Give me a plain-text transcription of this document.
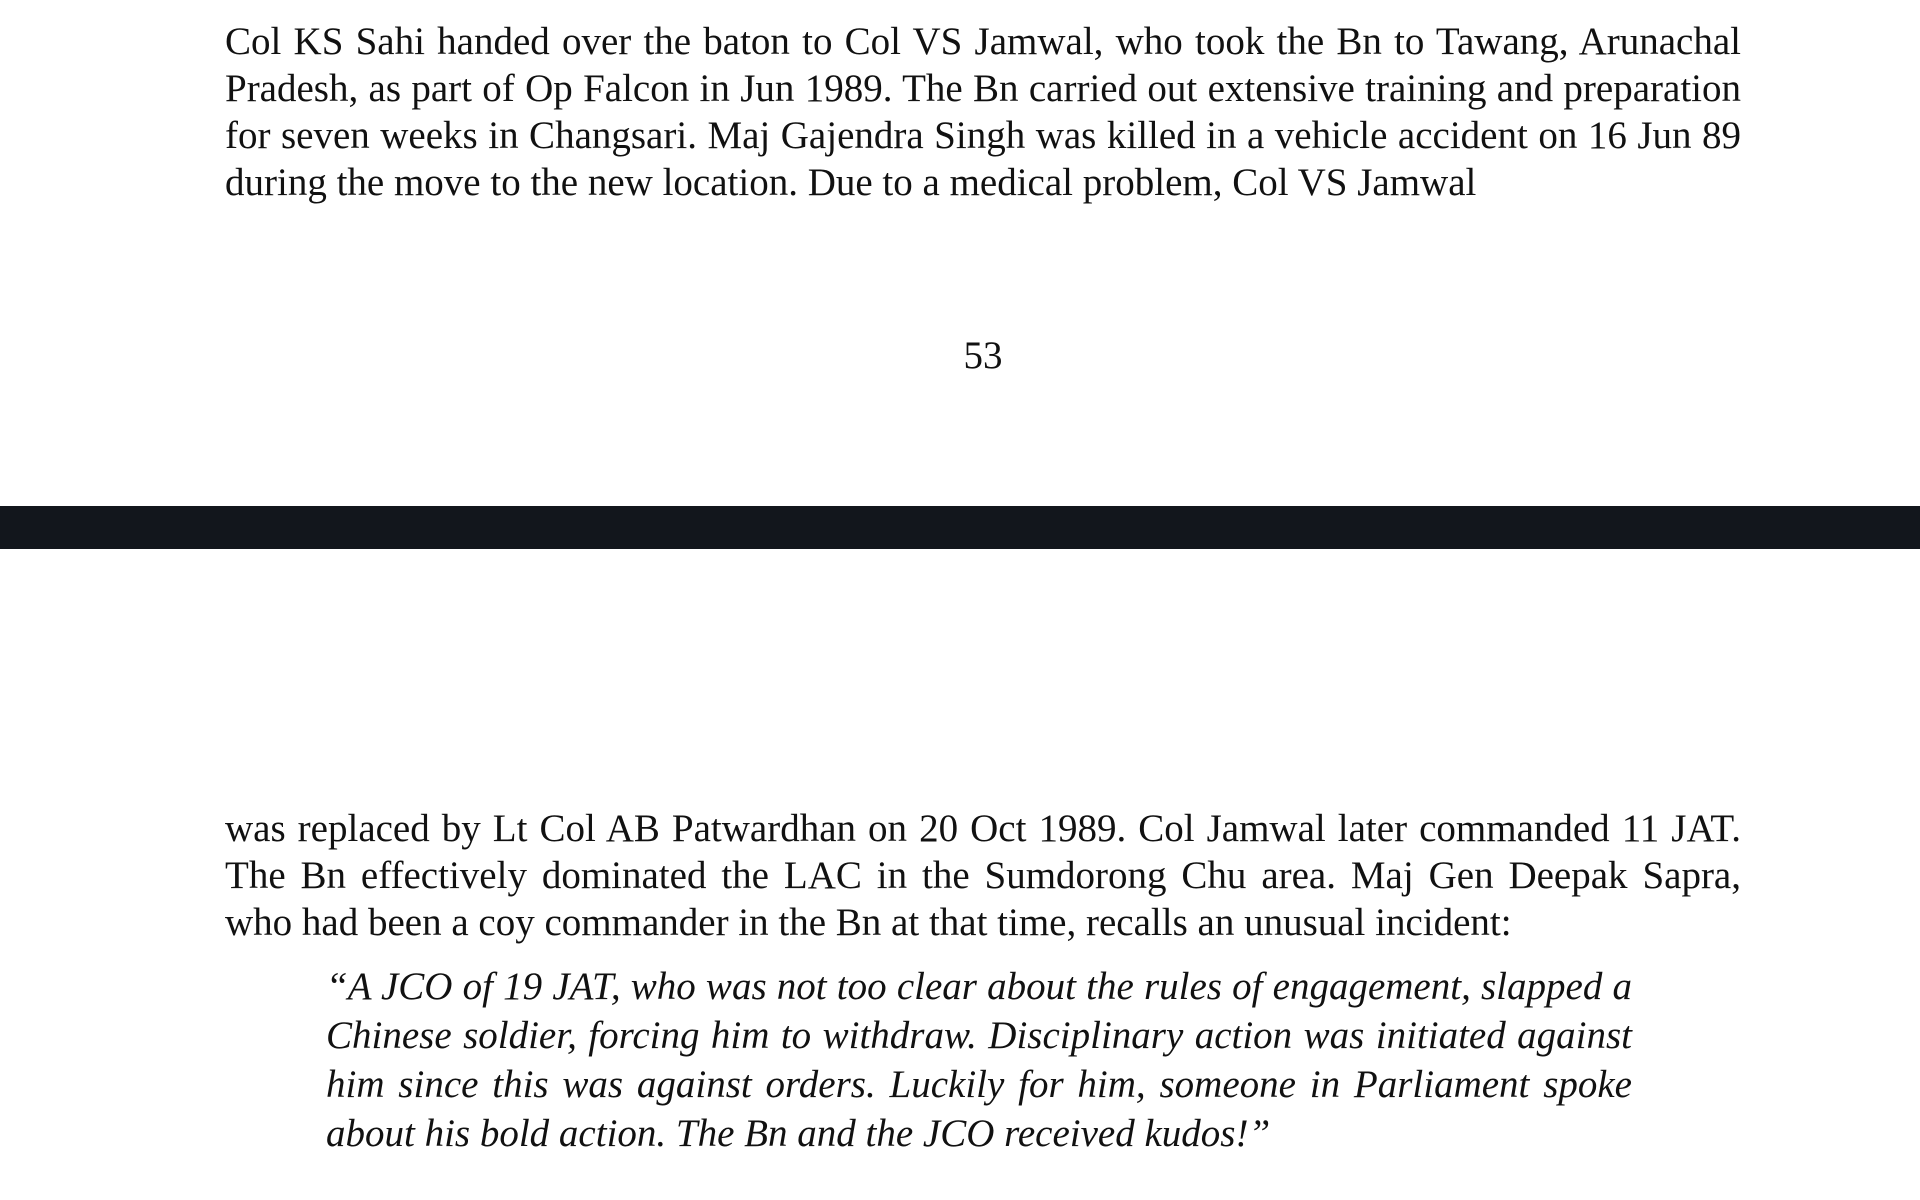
Col KS Sahi handed over the baton to Col VS Jamwal, who took the Bn to Tawang, Arunachal Pradesh, as part of Op Falcon in Jun 1989. The Bn carried out extensive training and preparation for seven weeks in Changsari. Maj Gajendra Singh was killed in a vehicle accident on 16 Jun 89 during the move to the new location. Due to a medical problem, Col VS Jamwal

53

was replaced by Lt Col AB Patwardhan on 20 Oct 1989. Col Jamwal later commanded 11 JAT. The Bn effectively dominated the LAC in the Sumdorong Chu area. Maj Gen Deepak Sapra, who had been a coy commander in the Bn at that time, recalls an unusual incident:

“A JCO of 19 JAT, who was not too clear about the rules of engagement, slapped a Chinese soldier, forcing him to withdraw. Disciplinary action was initiated against him since this was against orders. Luckily for him, someone in Parliament spoke about his bold action. The Bn and the JCO received kudos!”
